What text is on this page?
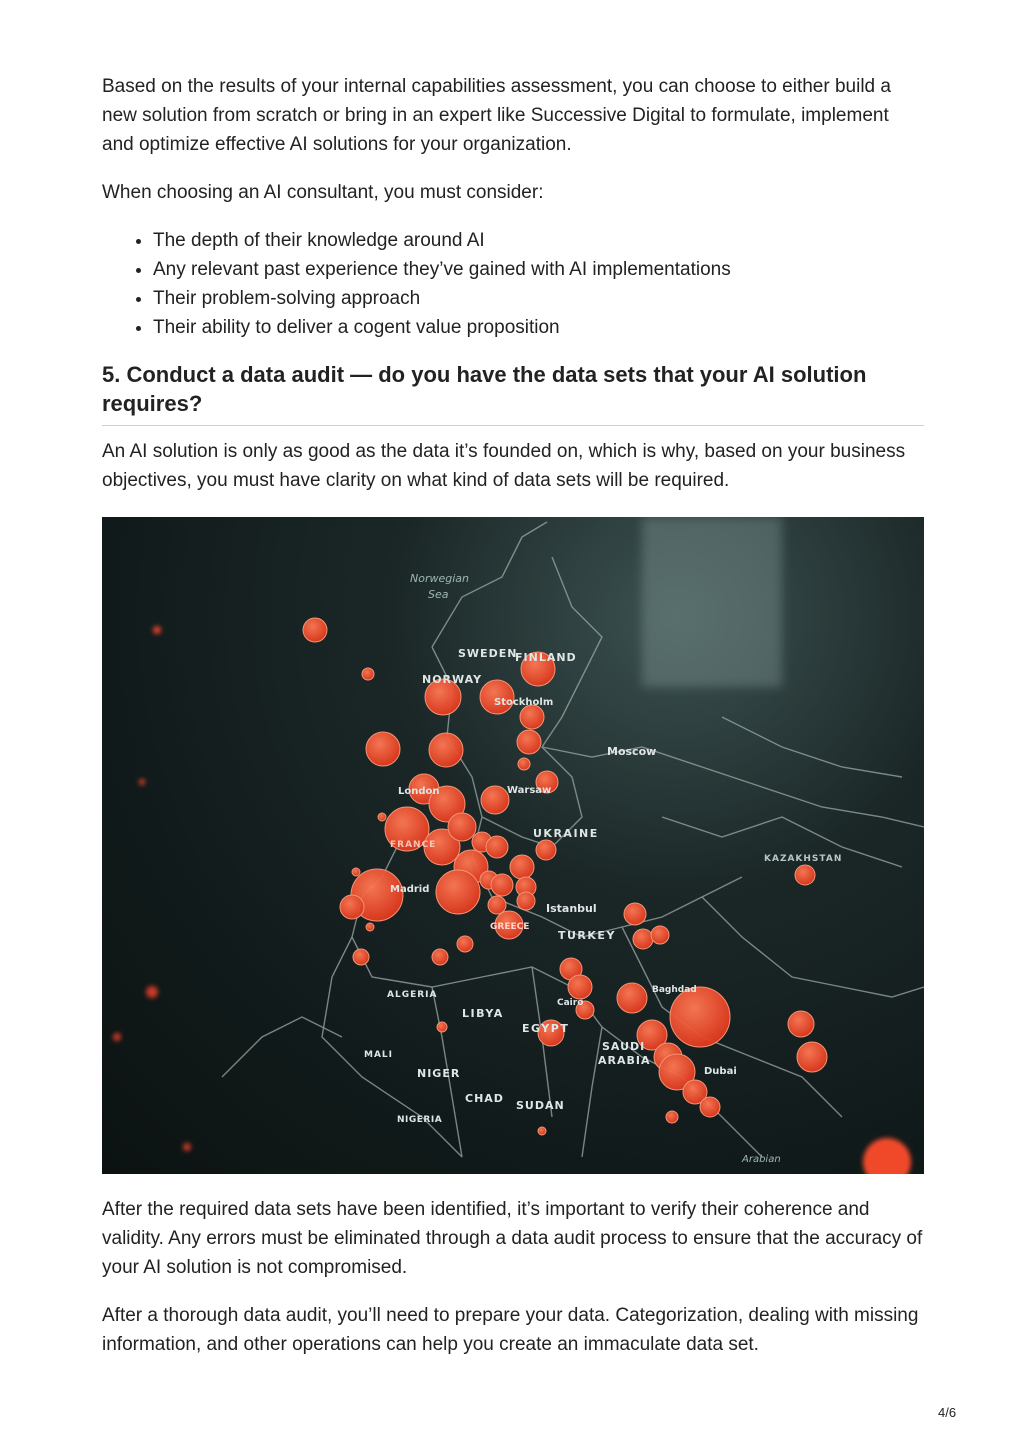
Based on the results of your internal capabilities assessment, you can choose to either build a new solution from scratch or bring in an expert like Successive Digital to formulate, implement and optimize effective AI solutions for your organization.

When choosing an AI consultant, you must consider:

• The depth of their knowledge around AI
• Any relevant past experience they’ve gained with AI implementations
• Their problem-solving approach
• Their ability to deliver a cogent value proposition
5. Conduct a data audit — do you have the data sets that your AI solution requires?

An AI solution is only as good as the data it’s founded on, which is why, based on your business objectives, you must have clarity on what kind of data sets will be required.

Norwegian
Sea
SWEDEN
FINLAND
NORWAY
Stockholm
Moscow
Warsaw
London
UKRAINE
FRANCE
Madrid
Istanbul
GREECE
TURKEY
ALGERIA
LIBYA
EGYPT
Cairo
SAUDI
ARABIA
Dubai
Baghdad
KAZAKHSTAN
MALI
NIGER
CHAD
SUDAN
NIGERIA
Arabian

After the required data sets have been identified, it’s important to verify their coherence and validity. Any errors must be eliminated through a data audit process to ensure that the accuracy of your AI solution is not compromised.

After a thorough data audit, you’ll need to prepare your data. Categorization, dealing with missing information, and other operations can help you create an immaculate data set.

4/6
